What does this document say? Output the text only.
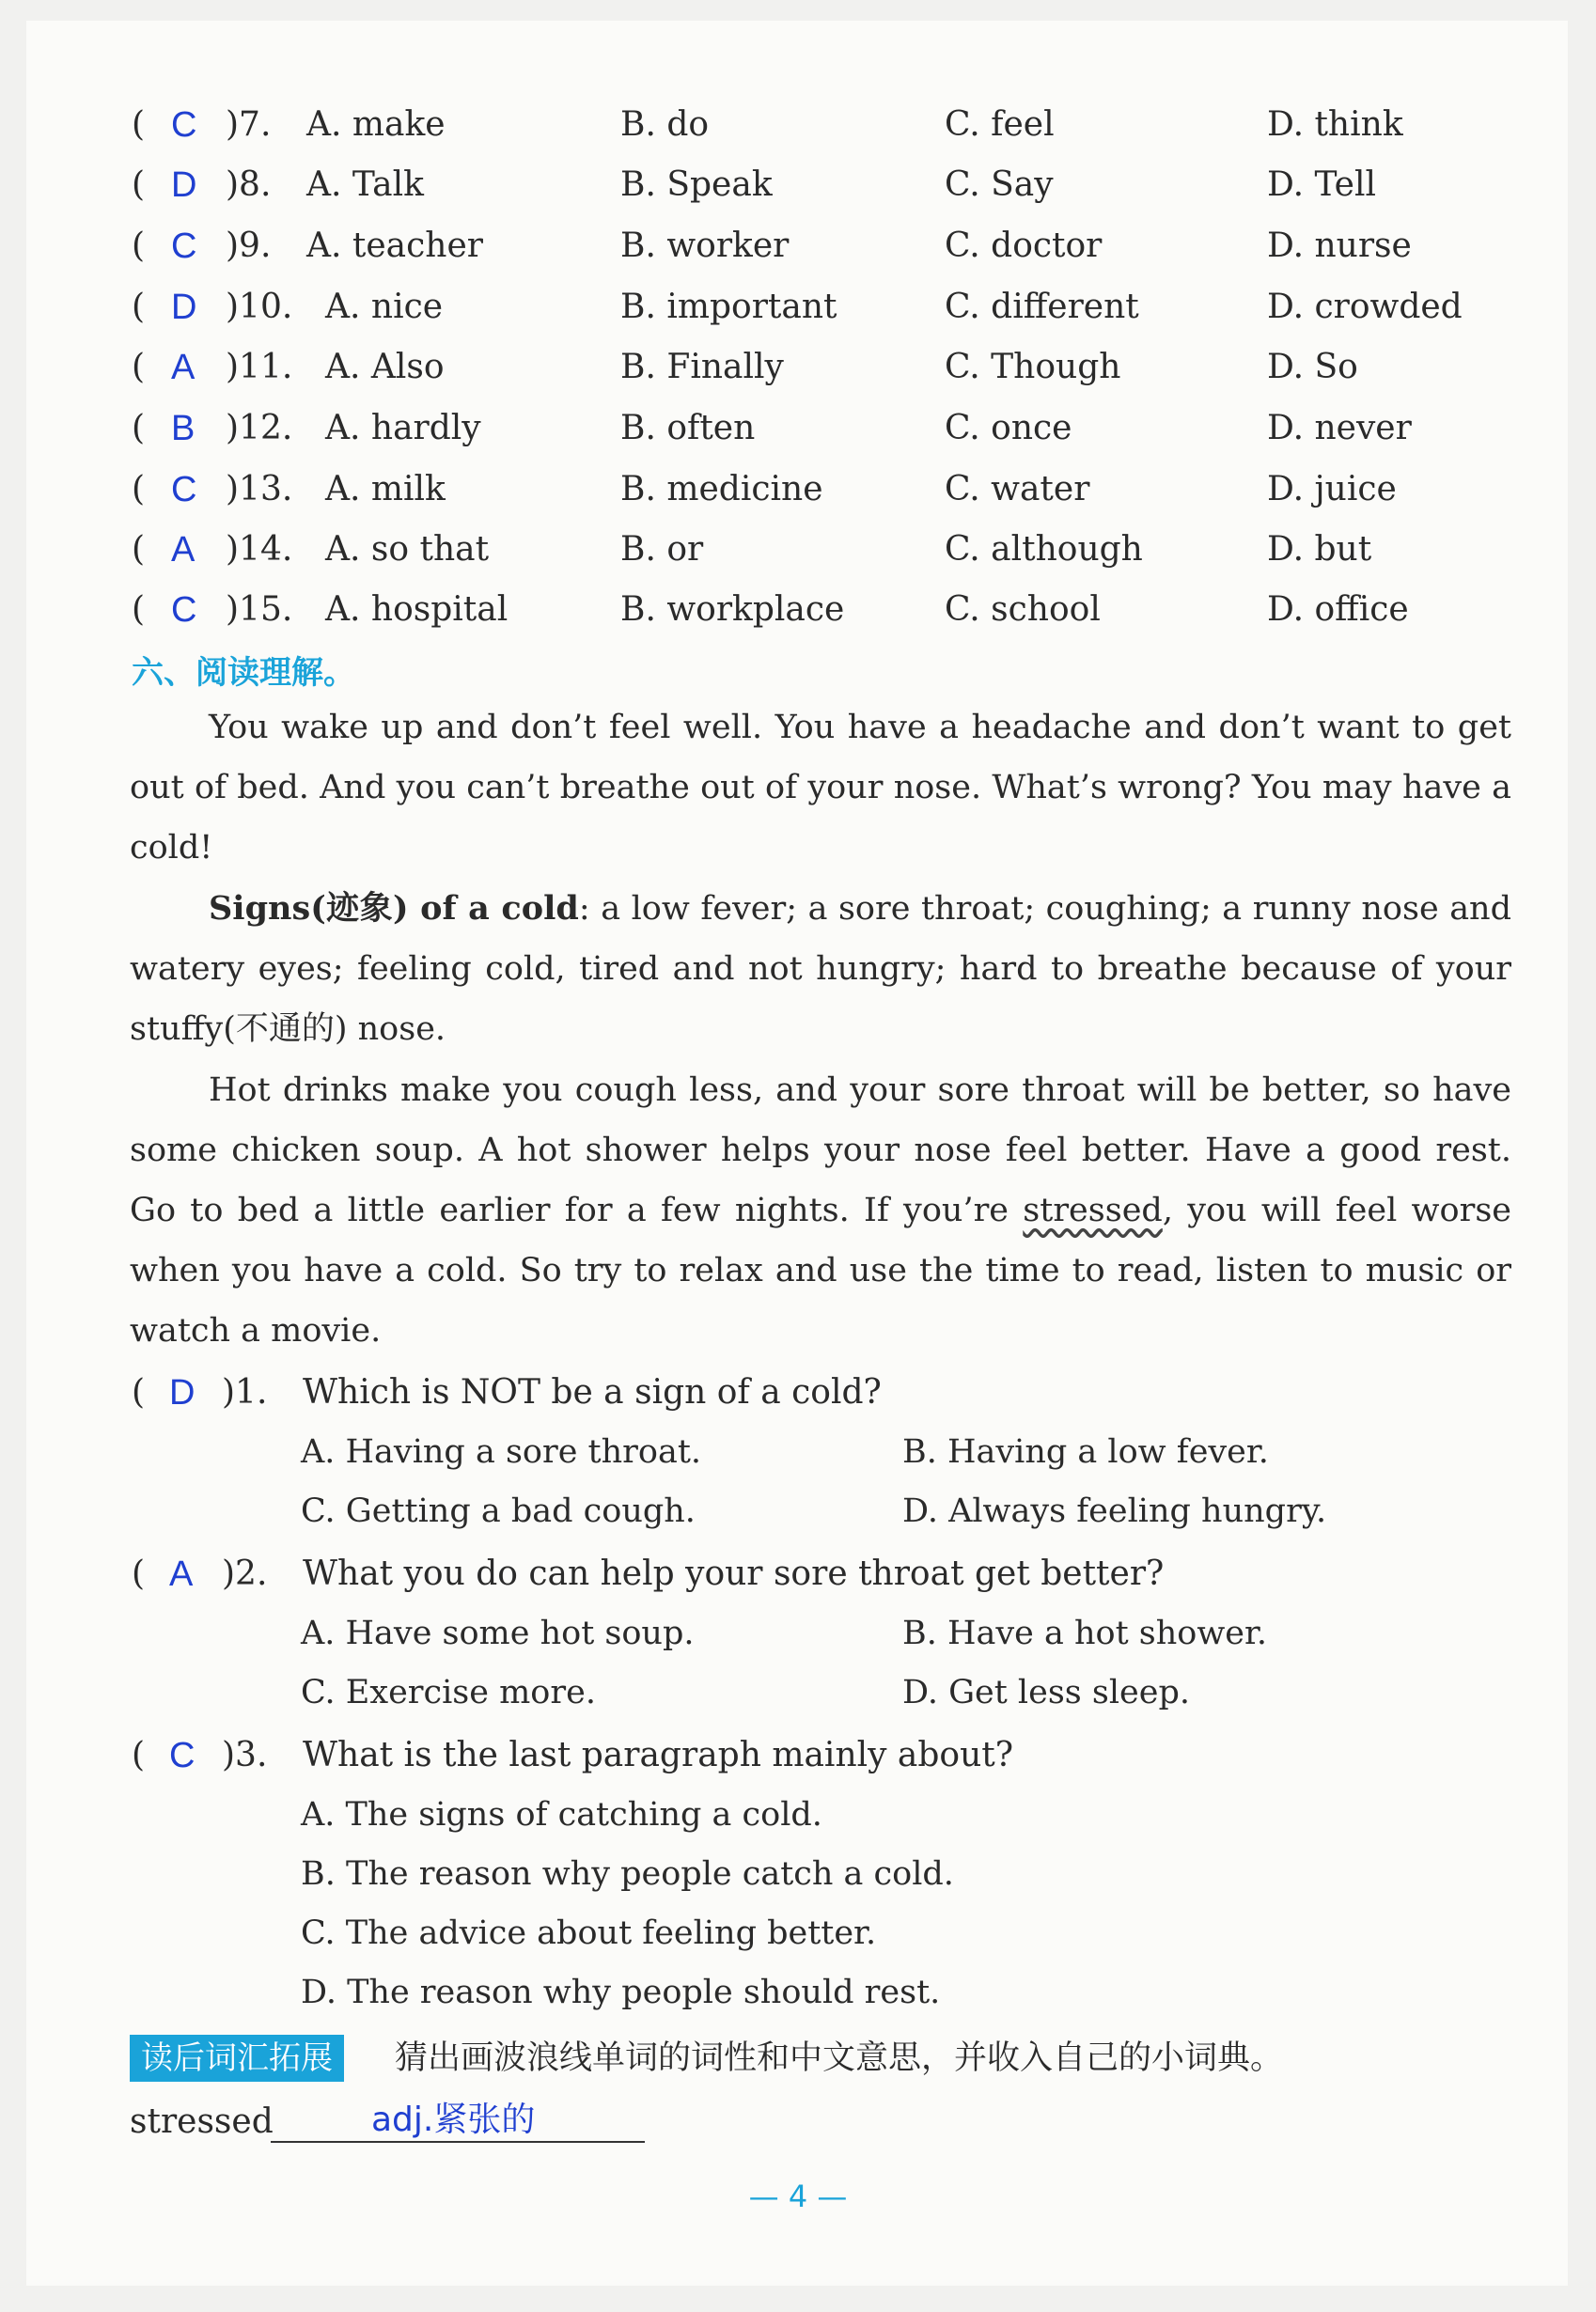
( C )7. A. make	B. do	C. feel	D. think
( D )8. A. Talk	B. Speak	C. Say	D. Tell
( C )9. A. teacher	B. worker	C. doctor	D. nurse
( D )10. A. nice	B. important	C. different	D. crowded
( A )11. A. Also	B. Finally	C. Though	D. So
( B )12. A. hardly	B. often	C. once	D. never
( C )13. A. milk	B. medicine	C. water	D. juice
( A )14. A. so that	B. or	C. although	D. but
( C )15. A. hospital	B. workplace	C. school	D. office
六、阅读理解。

You wake up and don’t feel well. You have a headache and don’t want to get out of bed. And you can’t breathe out of your nose. What’s wrong? You may have a cold!

Signs(迹象) of a cold: a low fever; a sore throat; coughing; a runny nose and watery eyes; feeling cold, tired and not hungry; hard to breathe because of your stuffy(不通的) nose.

Hot drinks make you cough less, and your sore throat will be better, so have some chicken soup. A hot shower helps your nose feel better. Have a good rest. Go to bed a little earlier for a few nights. If you’re stressed, you will feel worse when you have a cold. So try to relax and use the time to read, listen to music or watch a movie.

( D )1. Which is NOT be a sign of a cold?
A. Having a sore throat.	B. Having a low fever.
C. Getting a bad cough.	D. Always feeling hungry.
( A )2. What you do can help your sore throat get better?
A. Have some hot soup.	B. Have a hot shower.
C. Exercise more.	D. Get less sleep.
( C )3. What is the last paragraph mainly about?
A. The signs of catching a cold.
B. The reason why people catch a cold.
C. The advice about feeling better.
D. The reason why people should rest.
读后词汇拓展	猜出画波浪线单词的词性和中文意思，并收入自己的小词典。
stressed	adj.紧张的
— 4 —
